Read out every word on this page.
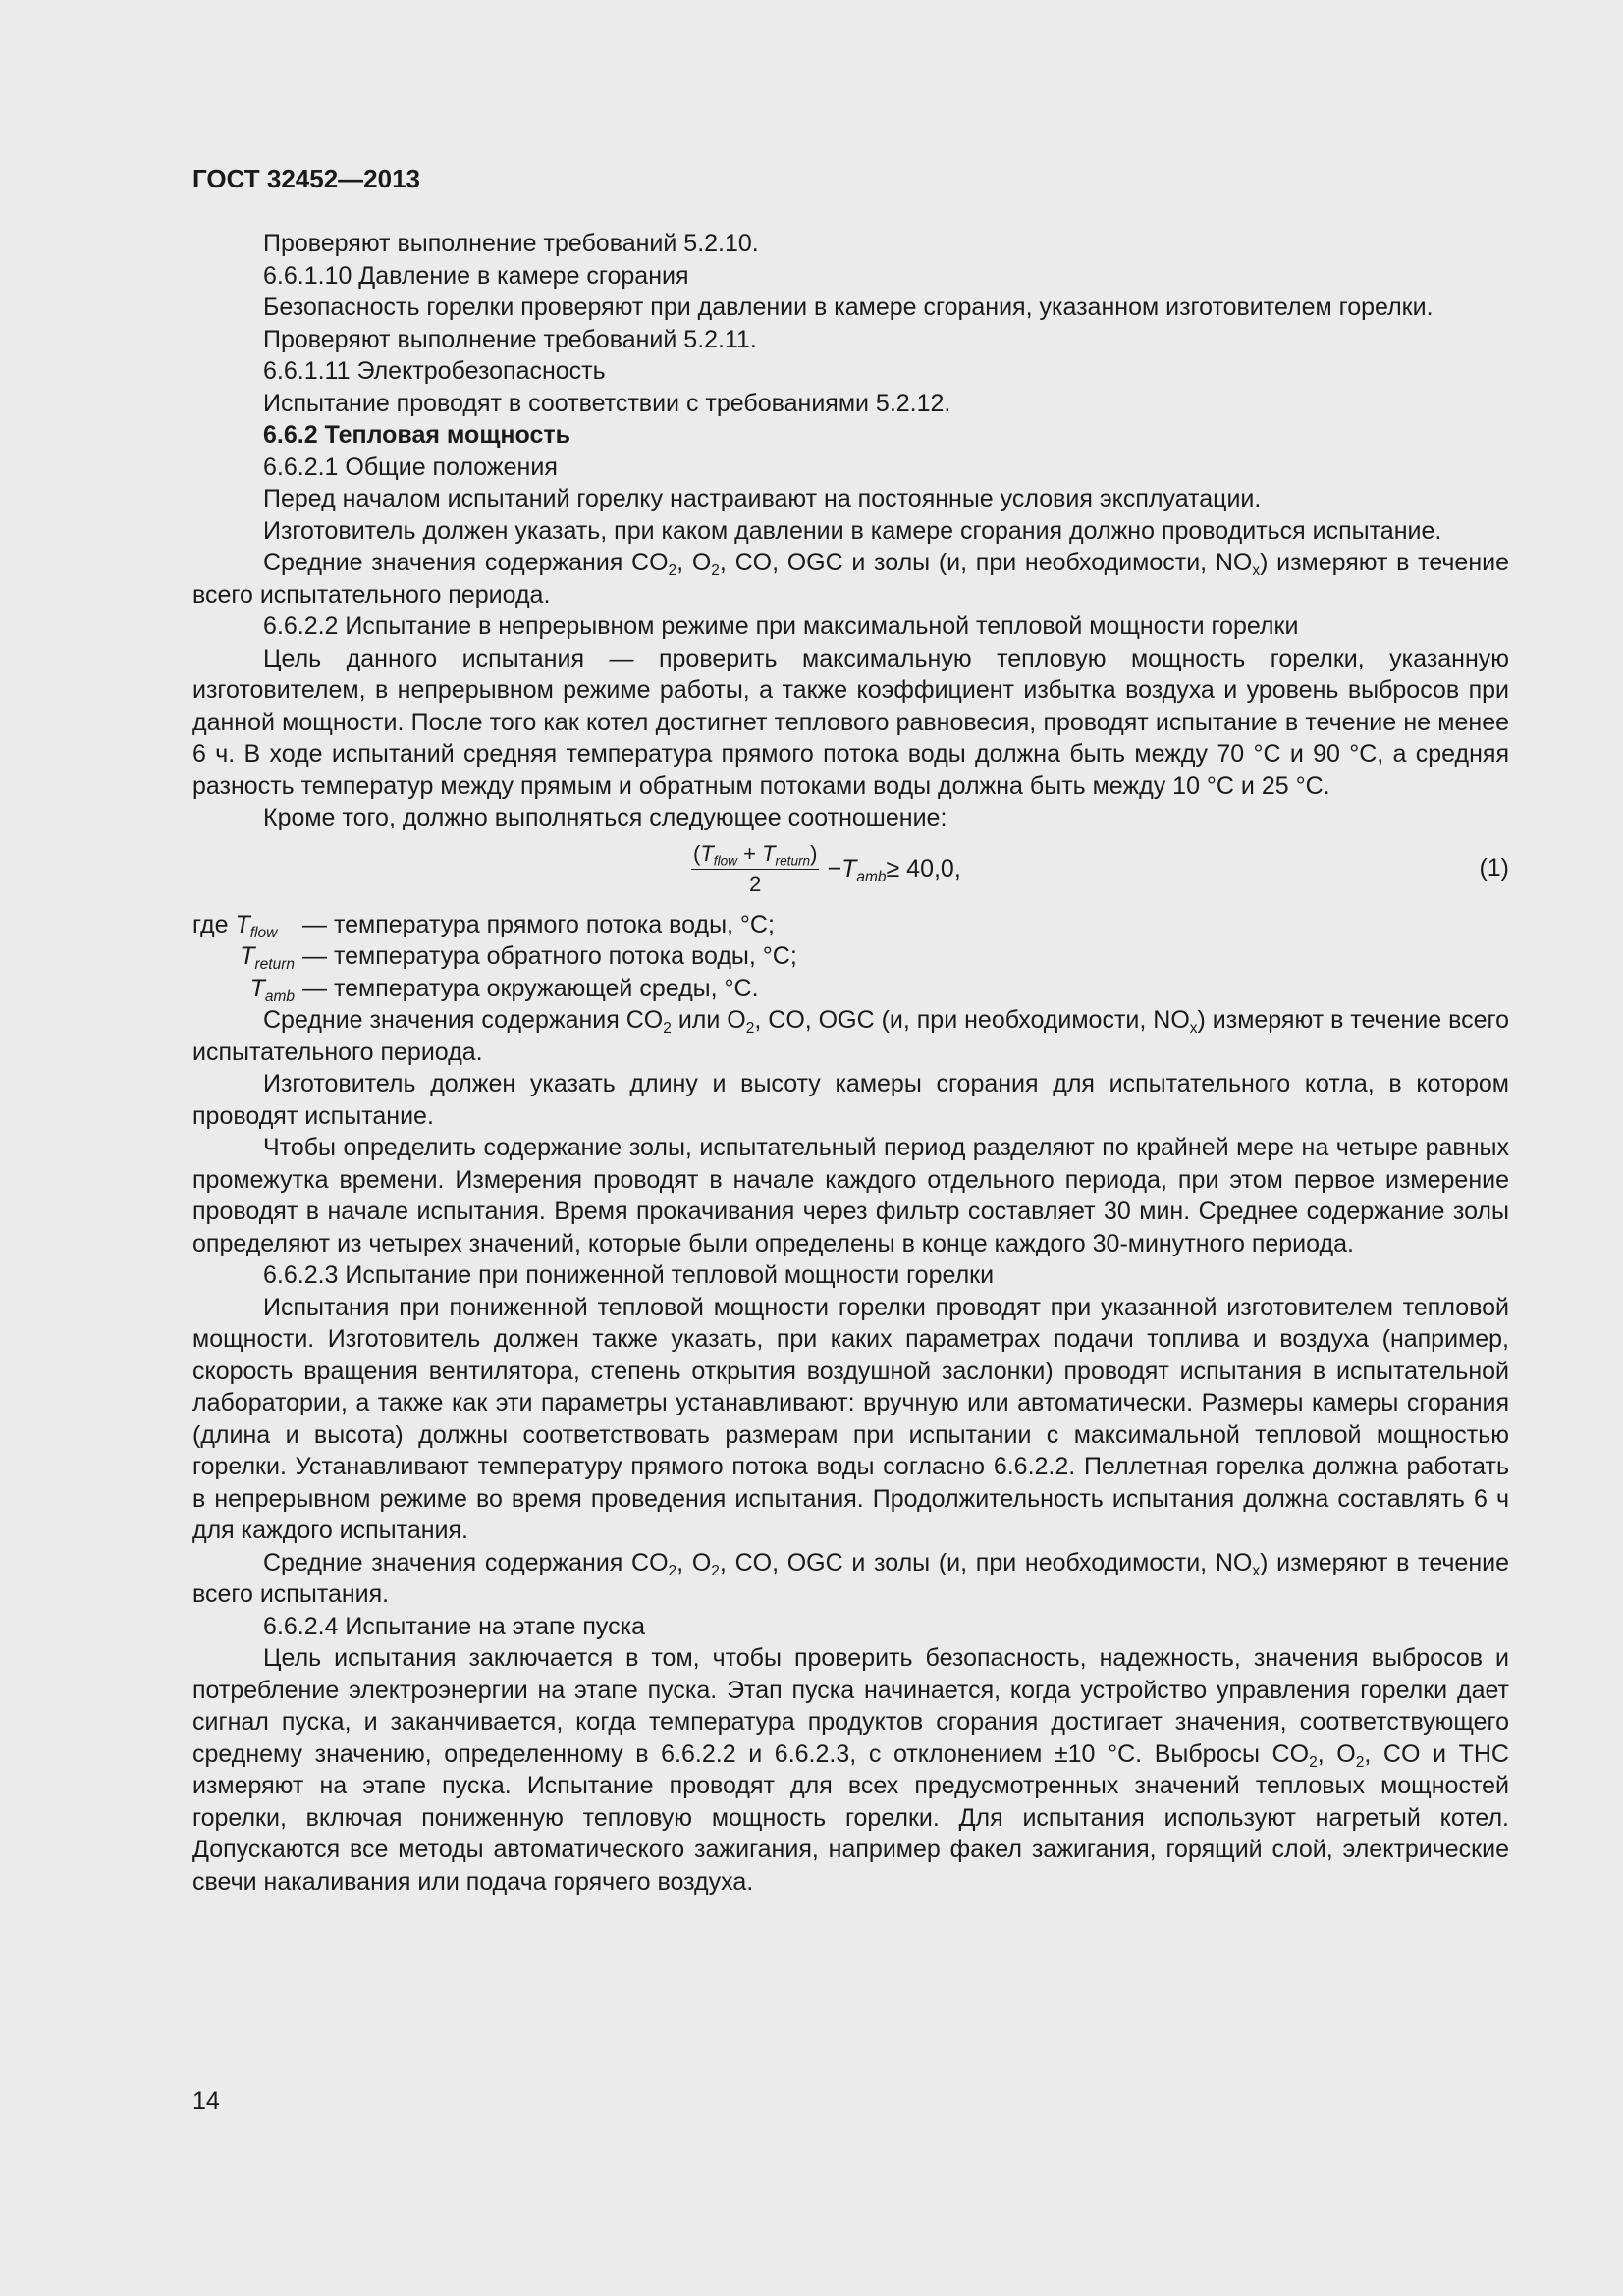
ГОСТ 32452—2013

Проверяют выполнение требований 5.2.10.

6.6.1.10 Давление в камере сгорания

Безопасность горелки проверяют при давлении в камере сгорания, указанном изготовителем горелки.

Проверяют выполнение требований 5.2.11.

6.6.1.11 Электробезопасность

Испытание проводят в соответствии с требованиями 5.2.12.

6.6.2 Тепловая мощность

6.6.2.1 Общие положения

Перед началом испытаний горелку настраивают на постоянные условия эксплуатации.

Изготовитель должен указать, при каком давлении в камере сгорания должно проводиться испытание.

Средние значения содержания $CO_2$, $O_2$, CO, OGC и золы (и, при необходимости, $NO_x$) измеряют в течение всего испытательного периода.

6.6.2.2 Испытание в непрерывном режиме при максимальной тепловой мощности горелки

Цель данного испытания — проверить максимальную тепловую мощность горелки, указанную изготовителем, в непрерывном режиме работы, а также коэффициент избытка воздуха и уровень выбросов при данной мощности. После того как котел достигнет теплового равновесия, проводят испытание в течение не менее 6 ч. В ходе испытаний средняя температура прямого потока воды должна быть между 70 °С и 90 °С, а средняя разность температур между прямым и обратным потоками воды должна быть между 10 °С и 25 °С.

Кроме того, должно выполняться следующее соотношение:

$\frac{(T_{flow} + T_{return})}{2} - T_{amb} \ge 40,0$,	(1)
где $T_{flow}$	— температура прямого потока воды, °С;
$T_{return}$ — температура обратного потока воды, °С;
$T_{amb}$ — температура окружающей среды, °С.

Средние значения содержания $CO_2$ или $O_2$, CO, OGC (и, при необходимости, $NO_x$) измеряют в течение всего испытательного периода.

Изготовитель должен указать длину и высоту камеры сгорания для испытательного котла, в котором проводят испытание.

Чтобы определить содержание золы, испытательный период разделяют по крайней мере на четыре равных промежутка времени. Измерения проводят в начале каждого отдельного периода, при этом первое измерение проводят в начале испытания. Время прокачивания через фильтр составляет 30 мин. Среднее содержание золы определяют из четырех значений, которые были определены в конце каждого 30-минутного периода.

6.6.2.3 Испытание при пониженной тепловой мощности горелки

Испытания при пониженной тепловой мощности горелки проводят при указанной изготовителем тепловой мощности. Изготовитель должен также указать, при каких параметрах подачи топлива и воздуха (например, скорость вращения вентилятора, степень открытия воздушной заслонки) проводят испытания в испытательной лаборатории, а также как эти параметры устанавливают: вручную или автоматически. Размеры камеры сгорания (длина и высота) должны соответствовать размерам при испытании с максимальной тепловой мощностью горелки. Устанавливают температуру прямого потока воды согласно 6.6.2.2. Пеллетная горелка должна работать в непрерывном режиме во время проведения испытания. Продолжительность испытания должна составлять 6 ч для каждого испытания.

Средние значения содержания $CO_2$, $O_2$, CO, OGC и золы (и, при необходимости, $NO_x$) измеряют в течение всего испытания.

6.6.2.4 Испытание на этапе пуска

Цель испытания заключается в том, чтобы проверить безопасность, надежность, значения выбросов и потребление электроэнергии на этапе пуска. Этап пуска начинается, когда устройство управления горелки дает сигнал пуска, и заканчивается, когда температура продуктов сгорания достигает значения, соответствующего среднему значению, определенному в 6.6.2.2 и 6.6.2.3, с отклонением ±10 °С. Выбросы $CO_2$, $O_2$, CO и THC измеряют на этапе пуска. Испытание проводят для всех предусмотренных значений тепловых мощностей горелки, включая пониженную тепловую мощность горелки. Для испытания используют нагретый котел. Допускаются все методы автоматического зажигания, например факел зажигания, горящий слой, электрические свечи накаливания или подача горячего воздуха.

14
